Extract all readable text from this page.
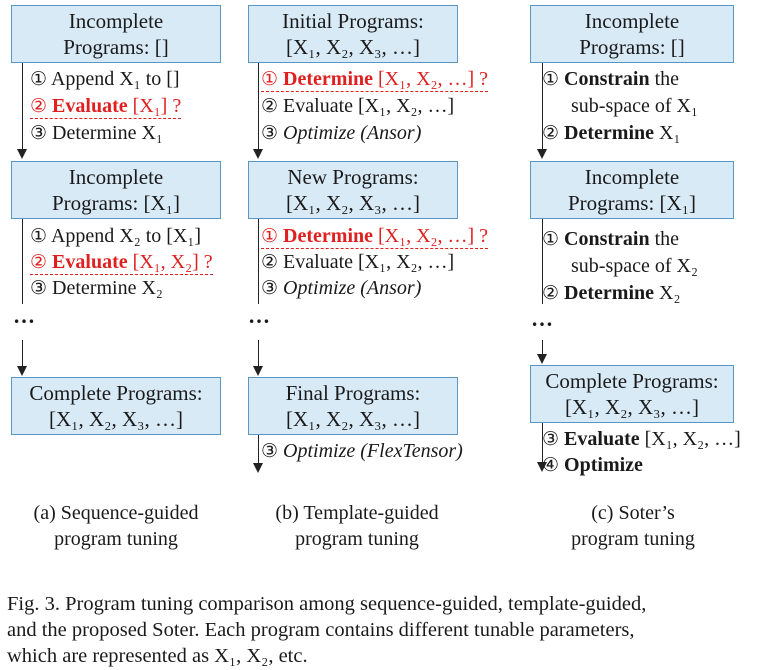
Incomplete
Programs: []
① Append X₁ to []
② Evaluate [X₁] ?
③ Determine X₁
Incomplete
Programs: [X₁]
① Append X₂ to [X₁]
② Evaluate [X₁, X₂] ?
③ Determine X₂
…
Complete Programs:
[X₁, X₂, X₃, …]
(a) Sequence-guided
program tuning
Initial Programs:
[X₁, X₂, X₃, …]
① Determine [X₁, X₂, …] ?
② Evaluate [X₁, X₂, …]
③ Optimize (Ansor)
New Programs:
[X₁, X₂, X₃, …]
① Determine [X₁, X₂, …] ?
② Evaluate [X₁, X₂, …]
③ Optimize (Ansor)
…
Final Programs:
[X₁, X₂, X₃, …]
③ Optimize (FlexTensor)
(b) Template-guided
program tuning
Incomplete
Programs: []
① Constrain the
sub-space of X₁
② Determine X₁
Incomplete
Programs: [X₁]
① Constrain the
sub-space of X₂
② Determine X₂
…
Complete Programs:
[X₁, X₂, X₃, …]
③ Evaluate [X₁, X₂, …]
④ Optimize
(c) Soter’s
program tuning
Fig. 3. Program tuning comparison among sequence-guided, template-guided,
and the proposed Soter. Each program contains different tunable parameters,
which are represented as X₁, X₂, etc.
